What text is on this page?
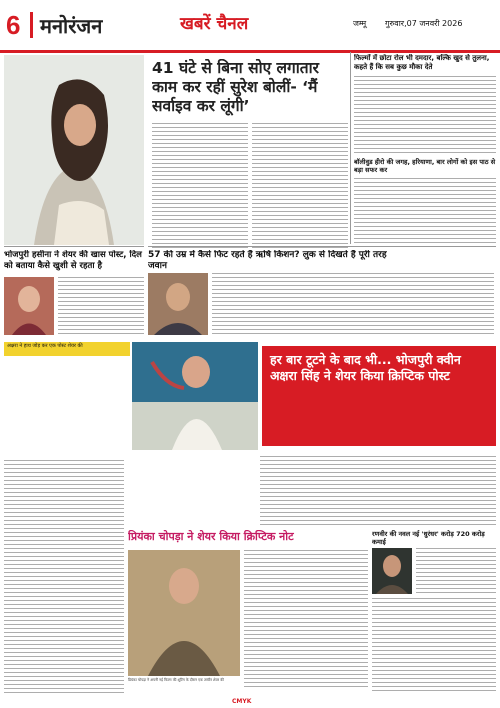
6 मनोरंजन	खबरें चैनल	जम्मू गुरुवार,07 जनवरी 2026
41 घंटे से बिना सोए लगातार काम कर रहीं सुरेश बोलीं- ‘मैं सर्वाइव कर लूंगी’
फिल्मों में छोटा रोल भी दमदार, बल्कि खुद से तुलना, कहते हैं कि सब कुछ मौका देते
बॉलीवुड हीरो की जगह, हरियाणा, बार लोगों को इस पाठ से बड़ा सफर कर
भोजपुरी हसीना ने शेयर की खास पोस्ट, दिल को बताया कैसे खुशी से रहता है
57 की उम्र में कैसे फिट रहते हैं ऋषि किशन? लुक से दिखते हैं पूरी तरह जवान
अक्षरा ने हाथ जोड़ कर एक पोस्ट शेयर की
हर बार टूटने के बाद भी... भोजपुरी क्वीन अक्षरा सिंह ने शेयर किया क्रिप्टिक पोस्ट
प्रियंका चोपड़ा ने शेयर किया क्रिप्टिक नोट
प्रियंका चोपड़ा ने अपनी नई फिल्म की शूटिंग के दौरान एक तस्वीर शेयर की
रणवीर की नवल नई 'धुरंधर' करोड़ 720 करोड़ कमाई
CMYK
